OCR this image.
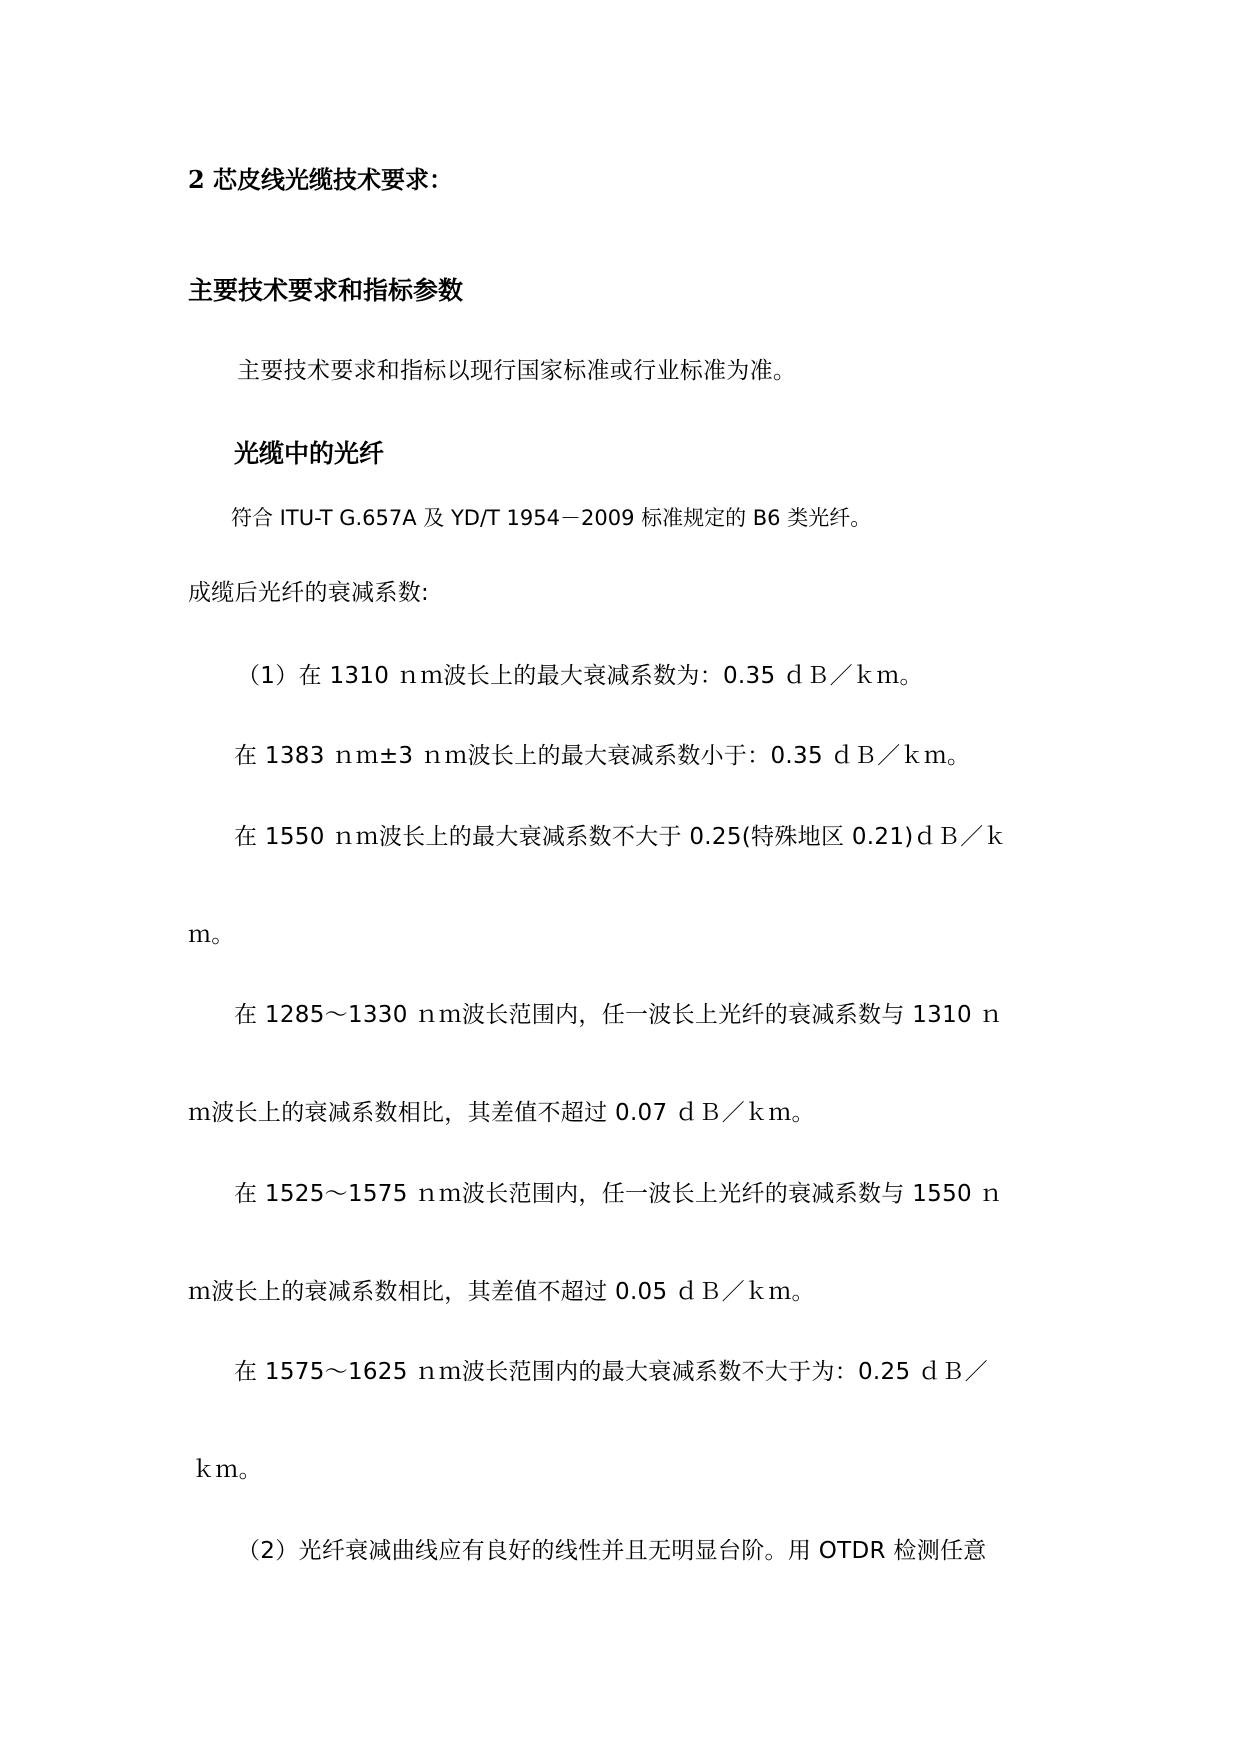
2 芯皮线光缆技术要求：
主要技术要求和指标参数
主要技术要求和指标以现行国家标准或行业标准为准。
光缆中的光纤
符合 ITU-T G.657A 及 YD/T 1954－2009 标准规定的 B6 类光纤。
成缆后光纤的衰减系数:
（1）在 1310 ｎｍ波长上的最大衰减系数为：0.35 ｄＢ／ｋｍ。
在 1383 ｎｍ±3 ｎｍ波长上的最大衰减系数小于：0.35 ｄＢ／ｋｍ。
在 1550 ｎｍ波长上的最大衰减系数不大于 0.25(特殊地区 0.21)ｄＢ／ｋ
ｍ。
在 1285～1330 ｎｍ波长范围内，任一波长上光纤的衰减系数与 1310 ｎ
ｍ波长上的衰减系数相比，其差值不超过 0.07 ｄＢ／ｋｍ。
在 1525～1575 ｎｍ波长范围内，任一波长上光纤的衰减系数与 1550 ｎ
ｍ波长上的衰减系数相比，其差值不超过 0.05 ｄＢ／ｋｍ。
在 1575～1625 ｎｍ波长范围内的最大衰减系数不大于为：0.25 ｄＢ／
ｋｍ。
（2）光纤衰减曲线应有良好的线性并且无明显台阶。用 OTDR 检测任意
